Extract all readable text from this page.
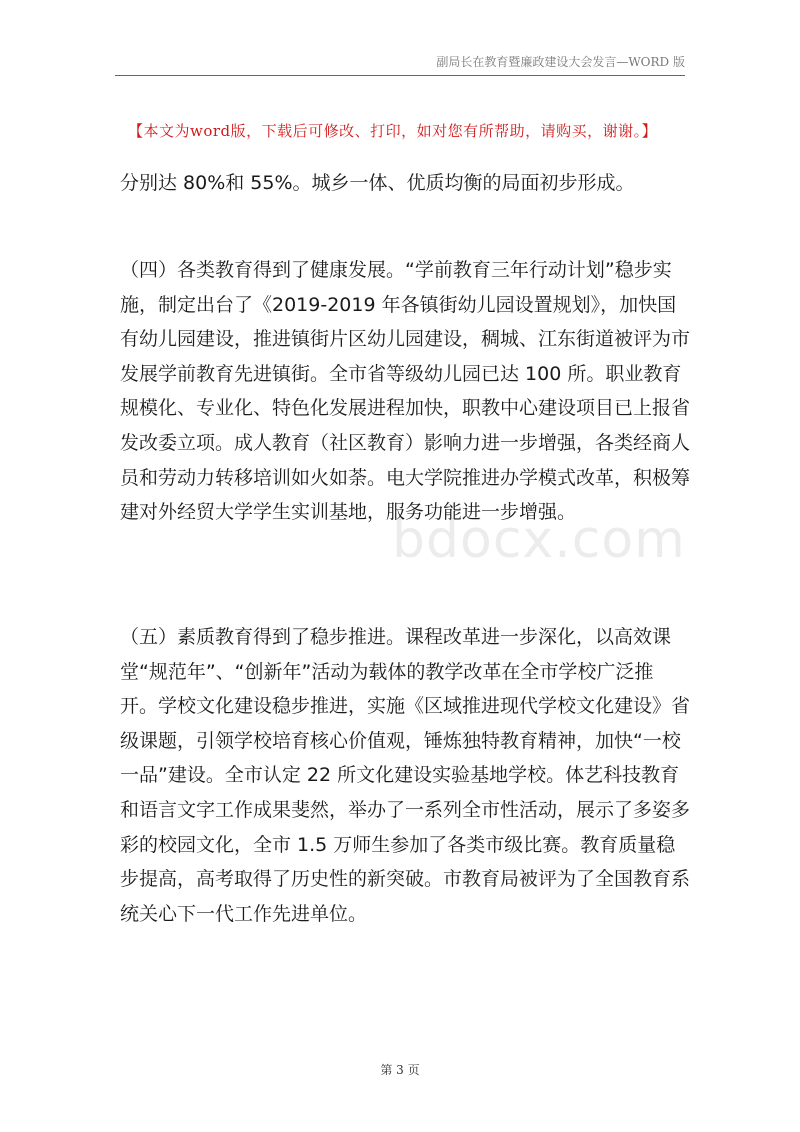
副局长在教育暨廉政建设大会发言—WORD 版
【本文为word版，下载后可修改、打印，如对您有所帮助，请购买，谢谢。】

分别达 80%和 55%。城乡一体、优质均衡的局面初步形成。

（四）各类教育得到了健康发展。“学前教育三年行动计划”稳步实施，制定出台了《2019-2019 年各镇街幼儿园设置规划》，加快国有幼儿园建设，推进镇街片区幼儿园建设，稠城、江东街道被评为市发展学前教育先进镇街。全市省等级幼儿园已达 100 所。职业教育规模化、专业化、特色化发展进程加快，职教中心建设项目已上报省发改委立项。成人教育（社区教育）影响力进一步增强，各类经商人员和劳动力转移培训如火如荼。电大学院推进办学模式改革，积极筹建对外经贸大学学生实训基地，服务功能进一步增强。

（五）素质教育得到了稳步推进。课程改革进一步深化，以高效课堂“规范年”、“创新年”活动为载体的教学改革在全市学校广泛推开。学校文化建设稳步推进，实施《区域推进现代学校文化建设》省级课题，引领学校培育核心价值观，锤炼独特教育精神，加快“一校一品”建设。全市认定 22 所文化建设实验基地学校。体艺科技教育和语言文字工作成果斐然，举办了一系列全市性活动，展示了多姿多彩的校园文化，全市 1.5 万师生参加了各类市级比赛。教育质量稳步提高，高考取得了历史性的新突破。市教育局被评为了全国教育系统关心下一代工作先进单位。

bdocx.com
第 3 页
